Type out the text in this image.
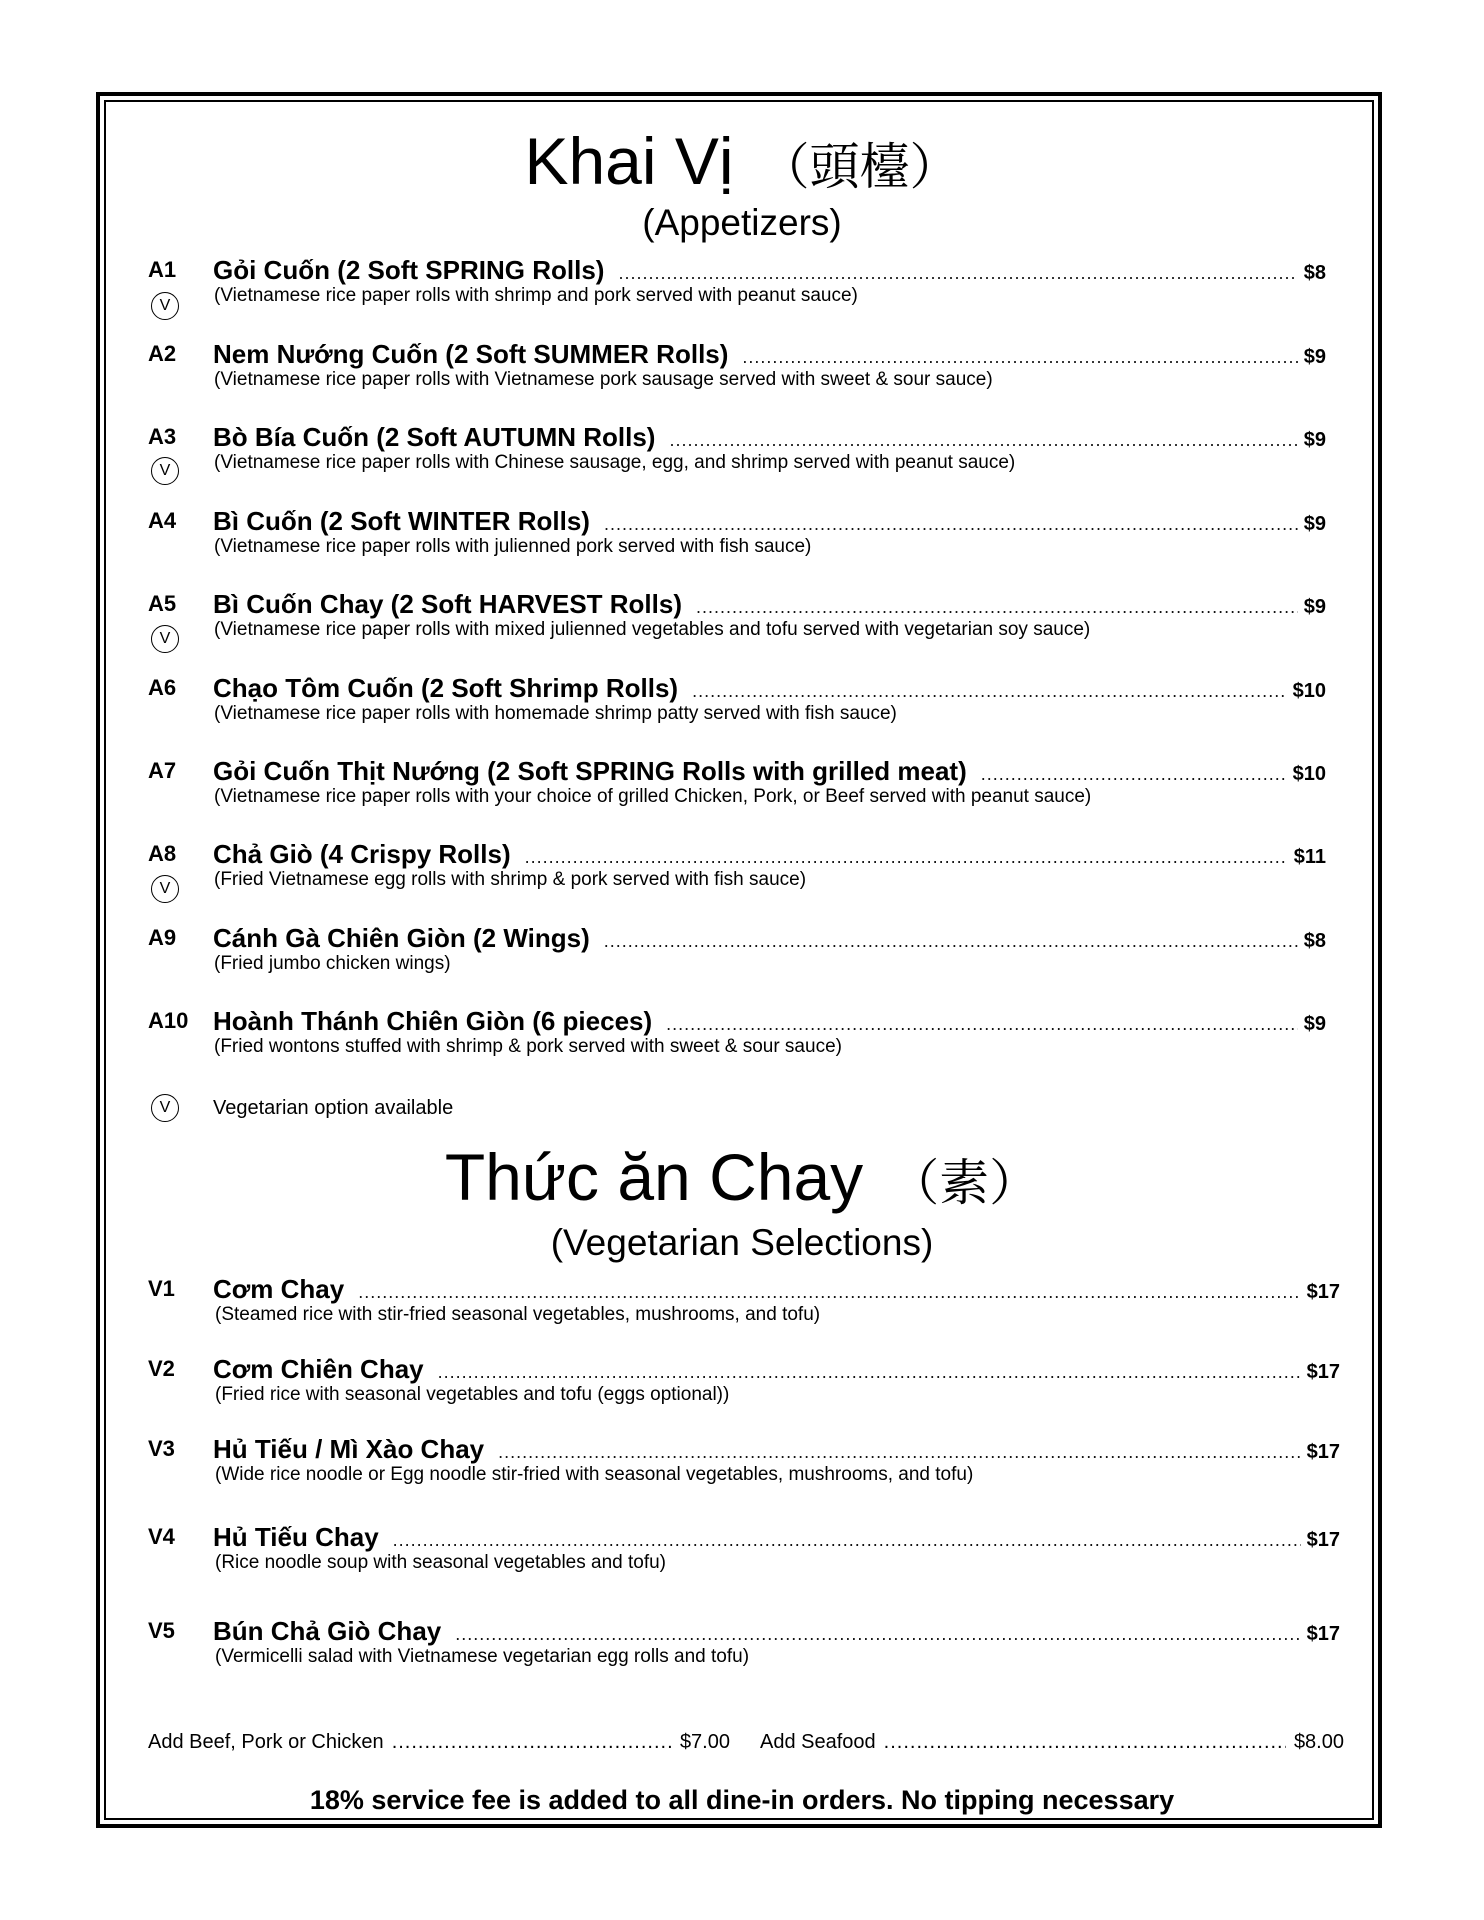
Khai Vị （頭檯）
(Appetizers)
A1 Gỏi Cuốn (2 Soft SPRING Rolls) .....	$8
(Vietnamese rice paper rolls with shrimp and pork served with peanut sauce)
V
A2 Nem Nướng Cuốn (2 Soft SUMMER Rolls) .....	$9
(Vietnamese rice paper rolls with Vietnamese pork sausage served with sweet & sour sauce)
A3 Bò Bía Cuốn (2 Soft AUTUMN Rolls) .....	$9
(Vietnamese rice paper rolls with Chinese sausage, egg, and shrimp served with peanut sauce)
V
A4 Bì Cuốn (2 Soft WINTER Rolls) .....	$9
(Vietnamese rice paper rolls with julienned pork served with fish sauce)
A5 Bì Cuốn Chay (2 Soft HARVEST Rolls) .....	$9
(Vietnamese rice paper rolls with mixed julienned vegetables and tofu served with vegetarian soy sauce)
V
A6 Chạo Tôm Cuốn (2 Soft Shrimp Rolls) .....	$10
(Vietnamese rice paper rolls with homemade shrimp patty served with fish sauce)
A7 Gỏi Cuốn Thịt Nướng (2 Soft SPRING Rolls with grilled meat) .....	$10
(Vietnamese rice paper rolls with your choice of grilled Chicken, Pork, or Beef served with peanut sauce)
A8 Chả Giò (4 Crispy Rolls) .....	$11
(Fried Vietnamese egg rolls with shrimp & pork served with fish sauce)
V
A9 Cánh Gà Chiên Giòn (2 Wings) .....	$8
(Fried jumbo chicken wings)
A10 Hoành Thánh Chiên Giòn (6 pieces) .....	$9
(Fried wontons stuffed with shrimp & pork served with sweet & sour sauce)
V	Vegetarian option available
Thức ăn Chay （素）
(Vegetarian Selections)
V1 Cơm Chay .....	$17
(Steamed rice with stir-fried seasonal vegetables, mushrooms, and tofu)
V2 Cơm Chiên Chay .....	$17
(Fried rice with seasonal vegetables and tofu (eggs optional))
V3 Hủ Tiếu / Mì Xào Chay .....	$17
(Wide rice noodle or Egg noodle stir-fried with seasonal vegetables, mushrooms, and tofu)
V4 Hủ Tiếu Chay .....	$17
(Rice noodle soup with seasonal vegetables and tofu)
V5 Bún Chả Giò Chay .....	$17
(Vermicelli salad with Vietnamese vegetarian egg rolls and tofu)
Add Beef, Pork or Chicken .....	$7.00 Add Seafood .....	$8.00
18% service fee is added to all dine-in orders. No tipping necessary
